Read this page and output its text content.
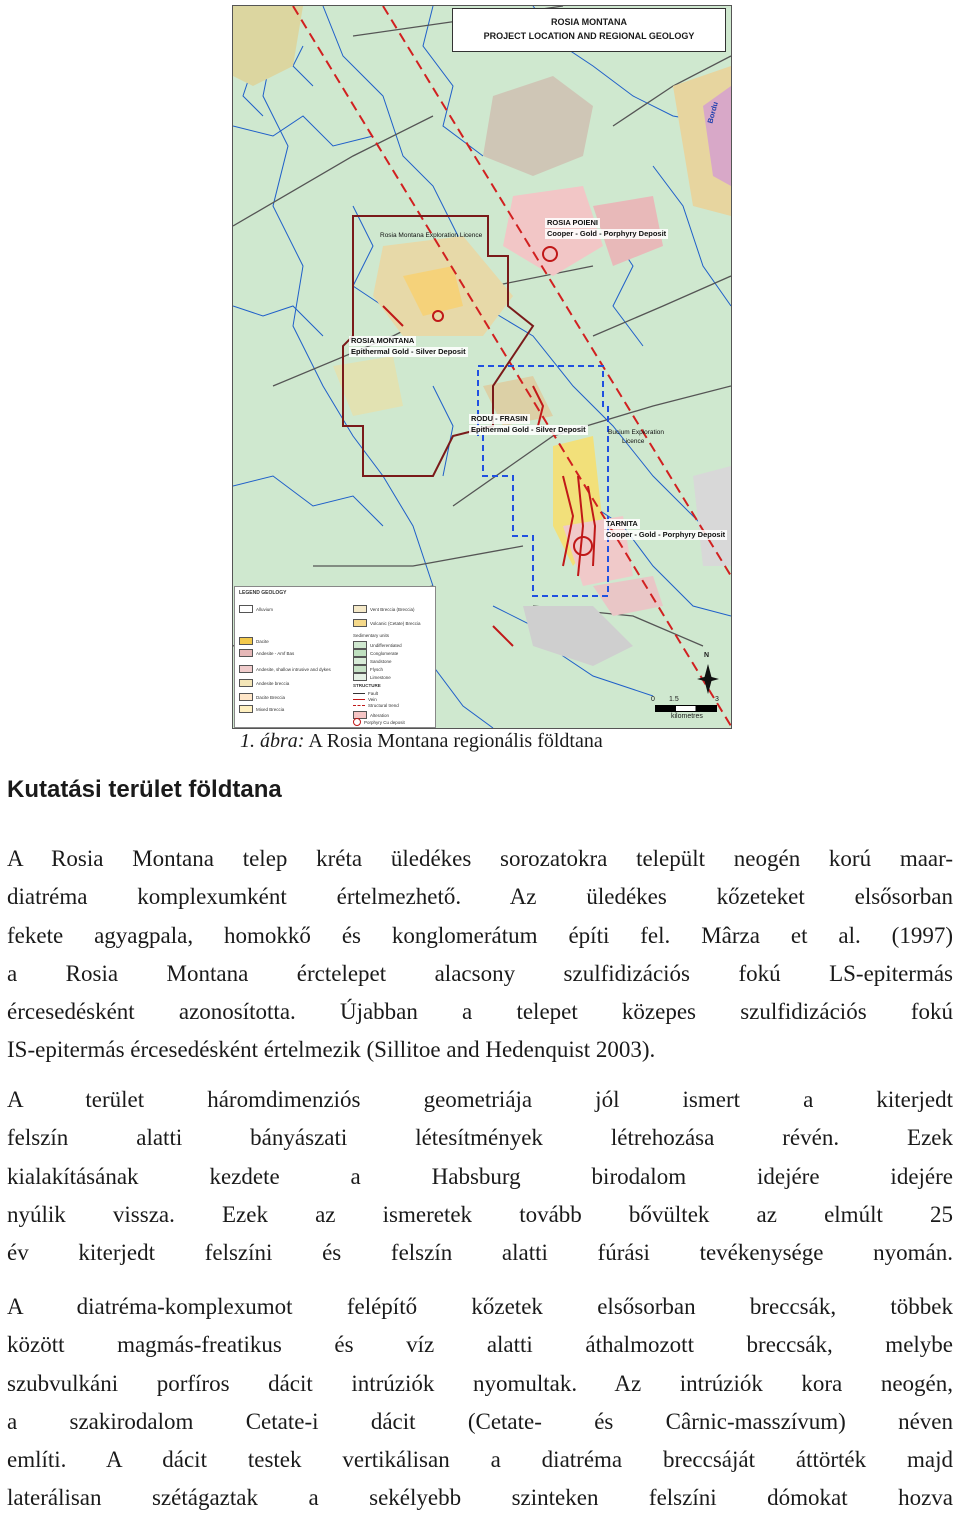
ROSIA MONTANA
PROJECT LOCATION AND REGIONAL GEOLOGY
ROSIA POIENI
Cooper - Gold - Porphyry Deposit
Rosia Montana Exploration Licence
ROSIA MONTANA
Epithermal Gold - Silver Deposit
RODU - FRASIN
Epithermal Gold - Silver Deposit	Bucium Exploration
Licence
TARNITA
Cooper - Gold - Porphyry Deposit
Bordu
LEGEND GEOLOGY
Alluvium
Dacite
Andesite - Amf Bas
Andesite, shallow intrusive and dykes
Andesite breccia
Dacite Breccia
Mixed Breccia
Vent Breccia (Breccia)
Volcanic (Cetate) Breccia
Sedimentary units
Undifferentiated
Conglomerate
Sandstone
Flysch
Limestone
STRUCTURE
Fault
Vein
Structural trend
Alteration
Porphyry Cu deposit
N
0 1.5	3
kilometres
1. ábra: A Rosia Montana regionális földtana
Kutatási terület földtana
A Rosia Montana telep kréta üledékes sorozatokra települt neogén korú maar-
diatréma komplexumként értelmezhető. Az üledékes kőzeteket elsősorban
fekete agyagpala, homokkő és konglomerátum építi fel. Mârza et al. (1997)
a Rosia Montana érctelepet alacsony szulfidizációs fokú LS-epitermás
ércesedésként azonosította. Újabban a telepet közepes szulfidizációs fokú
IS-epitermás ércesedésként értelmezik (Sillitoe and Hedenquist 2003).
A terület háromdimenziós geometriája jól ismert a kiterjedt
felszín alatti bányászati létesítmények létrehozása révén. Ezek
kialakításának kezdete a Habsburg birodalom idejére idejére
nyúlik vissza. Ezek az ismeretek tovább bővültek az elmúlt 25
év kiterjedt felszíni és felszín alatti fúrási tevékenysége nyomán.
A diatréma-komplexumot felépítő kőzetek elsősorban breccsák, többek
között magmás-freatikus és víz alatti áthalmozott breccsák, melybe
szubvulkáni porfíros dácit intrúziók nyomultak. Az intrúziók kora neogén,
a szakirodalom Cetate-i dácit (Cetate- és Cârnic-masszívum) néven
említi. A dácit testek vertikálisan a diatréma breccsáját áttörték majd
laterálisan szétágaztak a sekélyebb szinteken felszíni dómokat hozva
